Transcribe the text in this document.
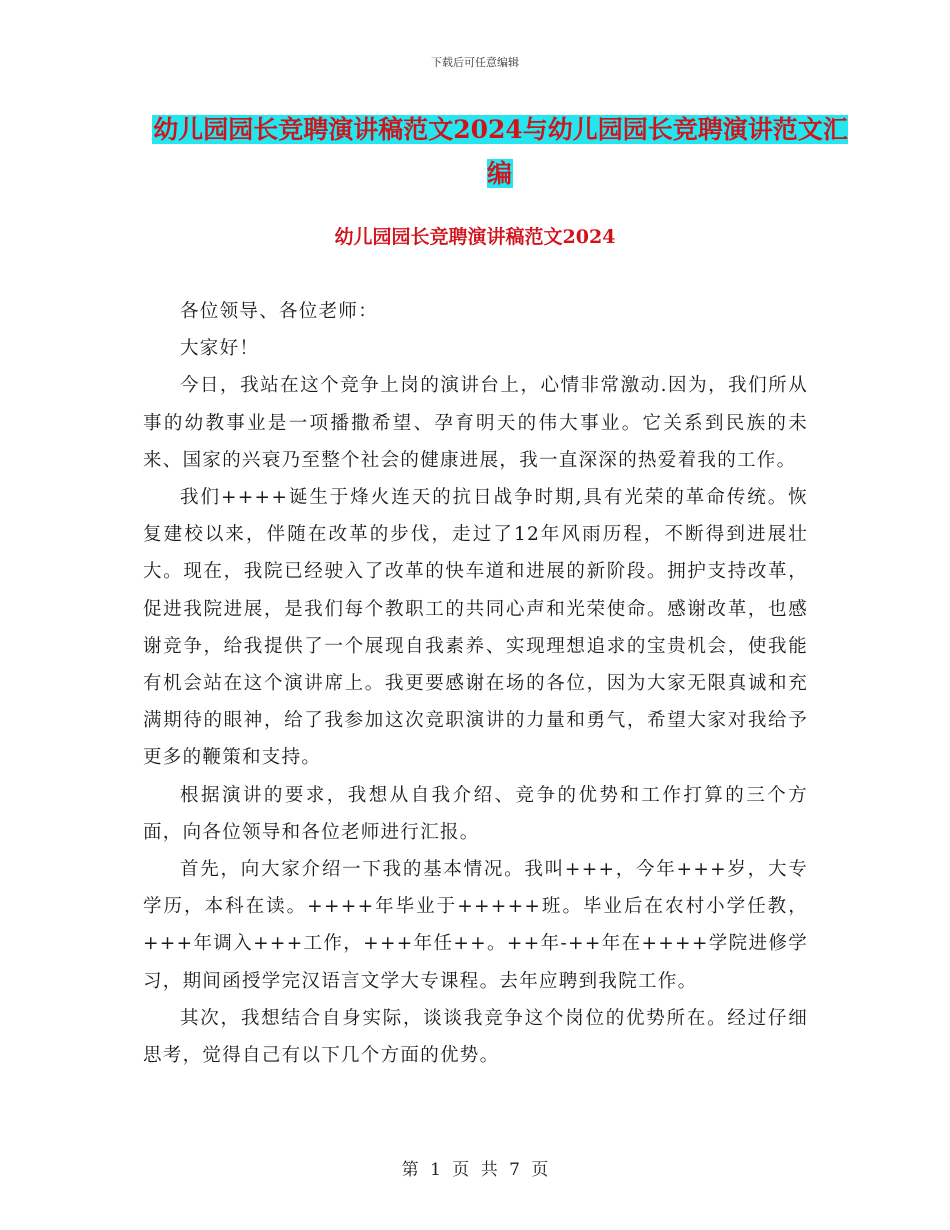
下载后可任意编辑
幼儿园园长竞聘演讲稿范文2024与幼儿园园长竞聘演讲范文汇编
幼儿园园长竞聘演讲稿范文2024

各位领导、各位老师：

大家好！

今日，我站在这个竞争上岗的演讲台上，心情非常激动.因为，我们所从事的幼教事业是一项播撒希望、孕育明天的伟大事业。它关系到民族的未来、国家的兴衰乃至整个社会的健康进展，我一直深深的热爱着我的工作。

我们++++诞生于烽火连天的抗日战争时期,具有光荣的革命传统。恢复建校以来，伴随在改革的步伐，走过了12年风雨历程，不断得到进展壮大。现在，我院已经驶入了改革的快车道和进展的新阶段。拥护支持改革，促进我院进展，是我们每个教职工的共同心声和光荣使命。感谢改革，也感谢竞争，给我提供了一个展现自我素养、实现理想追求的宝贵机会，使我能有机会站在这个演讲席上。我更要感谢在场的各位，因为大家无限真诚和充满期待的眼神，给了我参加这次竞职演讲的力量和勇气，希望大家对我给予更多的鞭策和支持。

根据演讲的要求，我想从自我介绍、竞争的优势和工作打算的三个方面，向各位领导和各位老师进行汇报。

首先，向大家介绍一下我的基本情况。我叫+++，今年+++岁，大专学历，本科在读。++++年毕业于+++++班。毕业后在农村小学任教，+++年调入+++工作，+++年任++。++年-++年在++++学院进修学习，期间函授学完汉语言文学大专课程。去年应聘到我院工作。

其次，我想结合自身实际，谈谈我竞争这个岗位的优势所在。经过仔细思考，觉得自己有以下几个方面的优势。

第 1 页 共 7 页
